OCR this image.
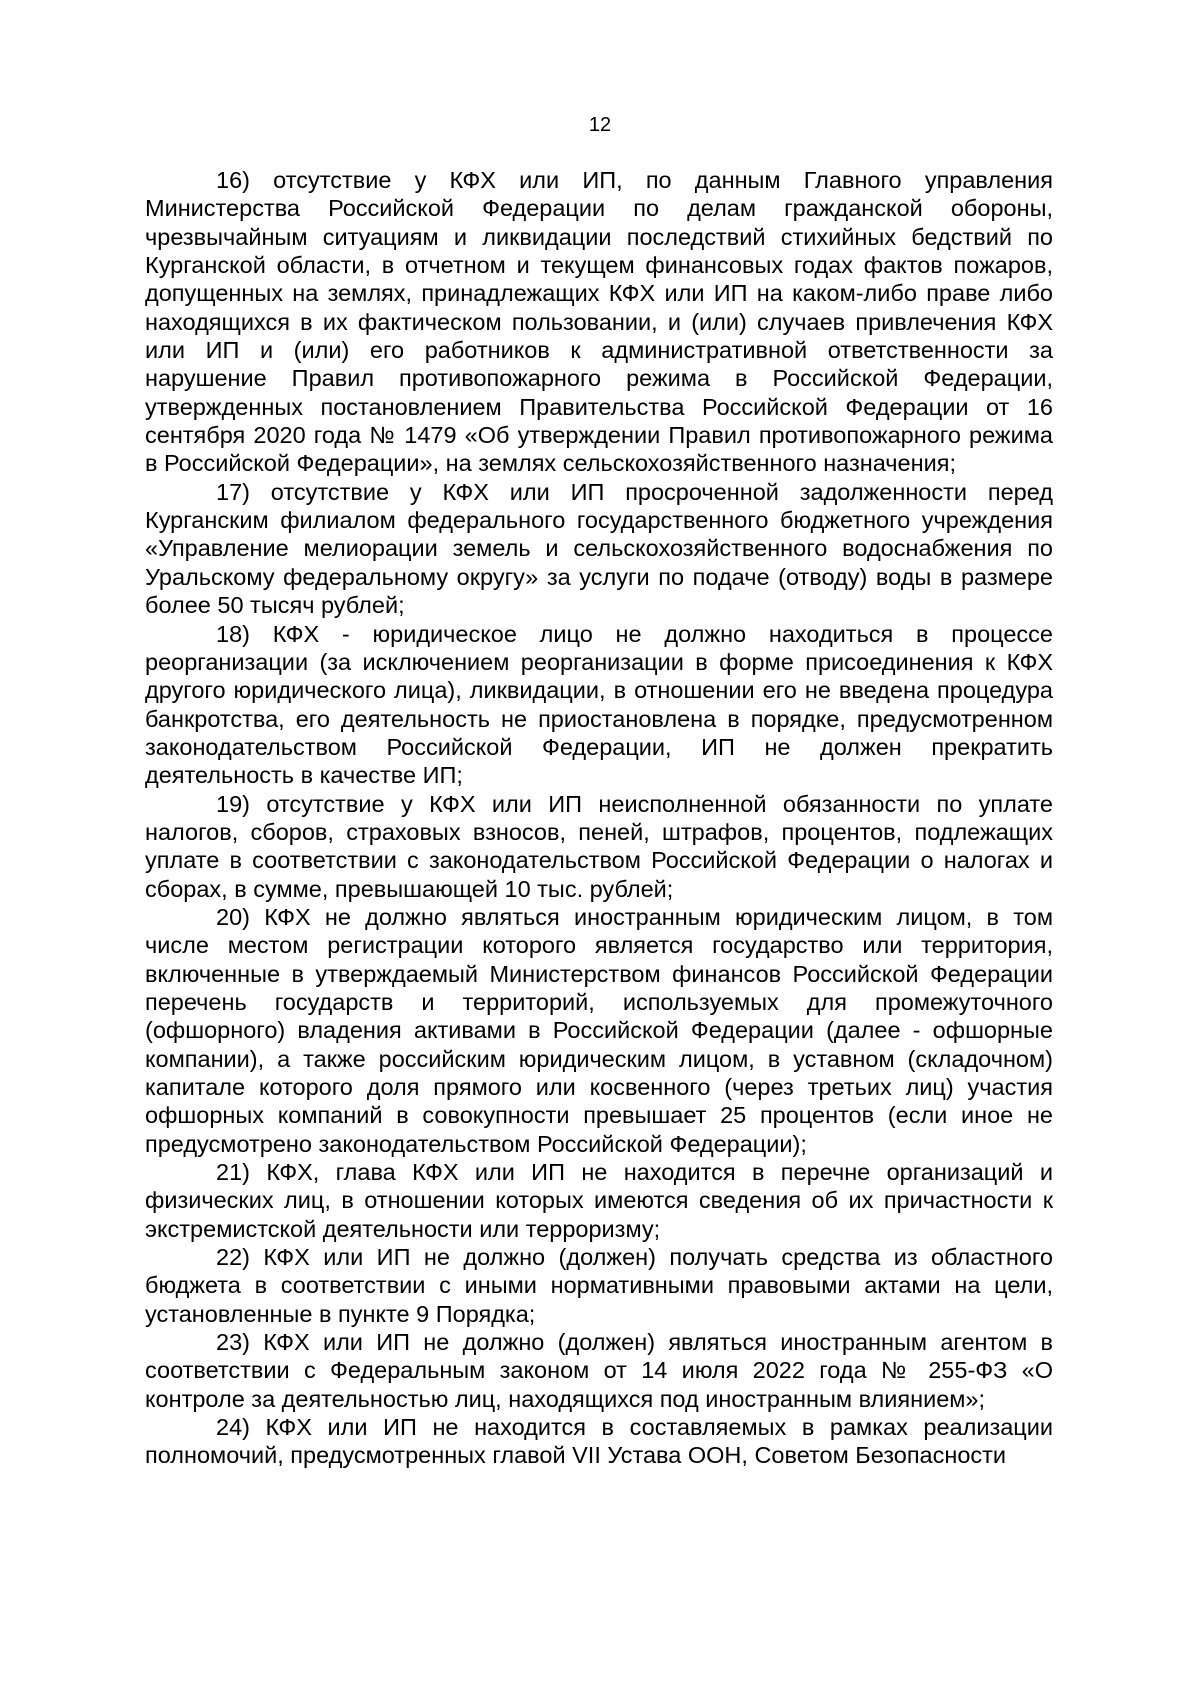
12

16) отсутствие у КФХ или ИП, по данным Главного управления Министерства Российской Федерации по делам гражданской обороны, чрезвычайным ситуациям и ликвидации последствий стихийных бедствий по Курганской области, в отчетном и текущем финансовых годах фактов пожаров, допущенных на землях, принадлежащих КФХ или ИП на каком-либо праве либо находящихся в их фактическом пользовании, и (или) случаев привлечения КФХ или ИП и (или) его работников к административной ответственности за нарушение Правил противопожарного режима в Российской Федерации, утвержденных постановлением Правительства Российской Федерации от 16 сентября 2020 года № 1479 «Об утверждении Правил противопожарного режима в Российской Федерации», на землях сельскохозяйственного назначения;

17) отсутствие у КФХ или ИП просроченной задолженности перед Курганским филиалом федерального государственного бюджетного учреждения «Управление мелиорации земель и сельскохозяйственного водоснабжения по Уральскому федеральному округу» за услуги по подаче (отводу) воды в размере более 50 тысяч рублей;

18) КФХ - юридическое лицо не должно находиться в процессе реорганизации (за исключением реорганизации в форме присоединения к КФХ другого юридического лица), ликвидации, в отношении его не введена процедура банкротства, его деятельность не приостановлена в порядке, предусмотренном законодательством Российской Федерации, ИП не должен прекратить деятельность в качестве ИП;

19) отсутствие у КФХ или ИП неисполненной обязанности по уплате налогов, сборов, страховых взносов, пеней, штрафов, процентов, подлежащих уплате в соответствии с законодательством Российской Федерации о налогах и сборах, в сумме, превышающей 10 тыс. рублей;

20) КФХ не должно являться иностранным юридическим лицом, в том числе местом регистрации которого является государство или территория, включенные в утверждаемый Министерством финансов Российской Федерации перечень государств и территорий, используемых для промежуточного (офшорного) владения активами в Российской Федерации (далее - офшорные компании), а также российским юридическим лицом, в уставном (складочном) капитале которого доля прямого или косвенного (через третьих лиц) участия офшорных компаний в совокупности превышает 25 процентов (если иное не предусмотрено законодательством Российской Федерации);

21) КФХ, глава КФХ или ИП не находится в перечне организаций и физических лиц, в отношении которых имеются сведения об их причастности к экстремистской деятельности или терроризму;

22) КФХ или ИП не должно (должен) получать средства из областного бюджета в соответствии с иными нормативными правовыми актами на цели, установленные в пункте 9 Порядка;

23) КФХ или ИП не должно (должен) являться иностранным агентом в соответствии с Федеральным законом от 14 июля 2022 года № 255-ФЗ «О контроле за деятельностью лиц, находящихся под иностранным влиянием»;

24) КФХ или ИП не находится в составляемых в рамках реализации полномочий, предусмотренных главой VII Устава ООН, Советом Безопасности
